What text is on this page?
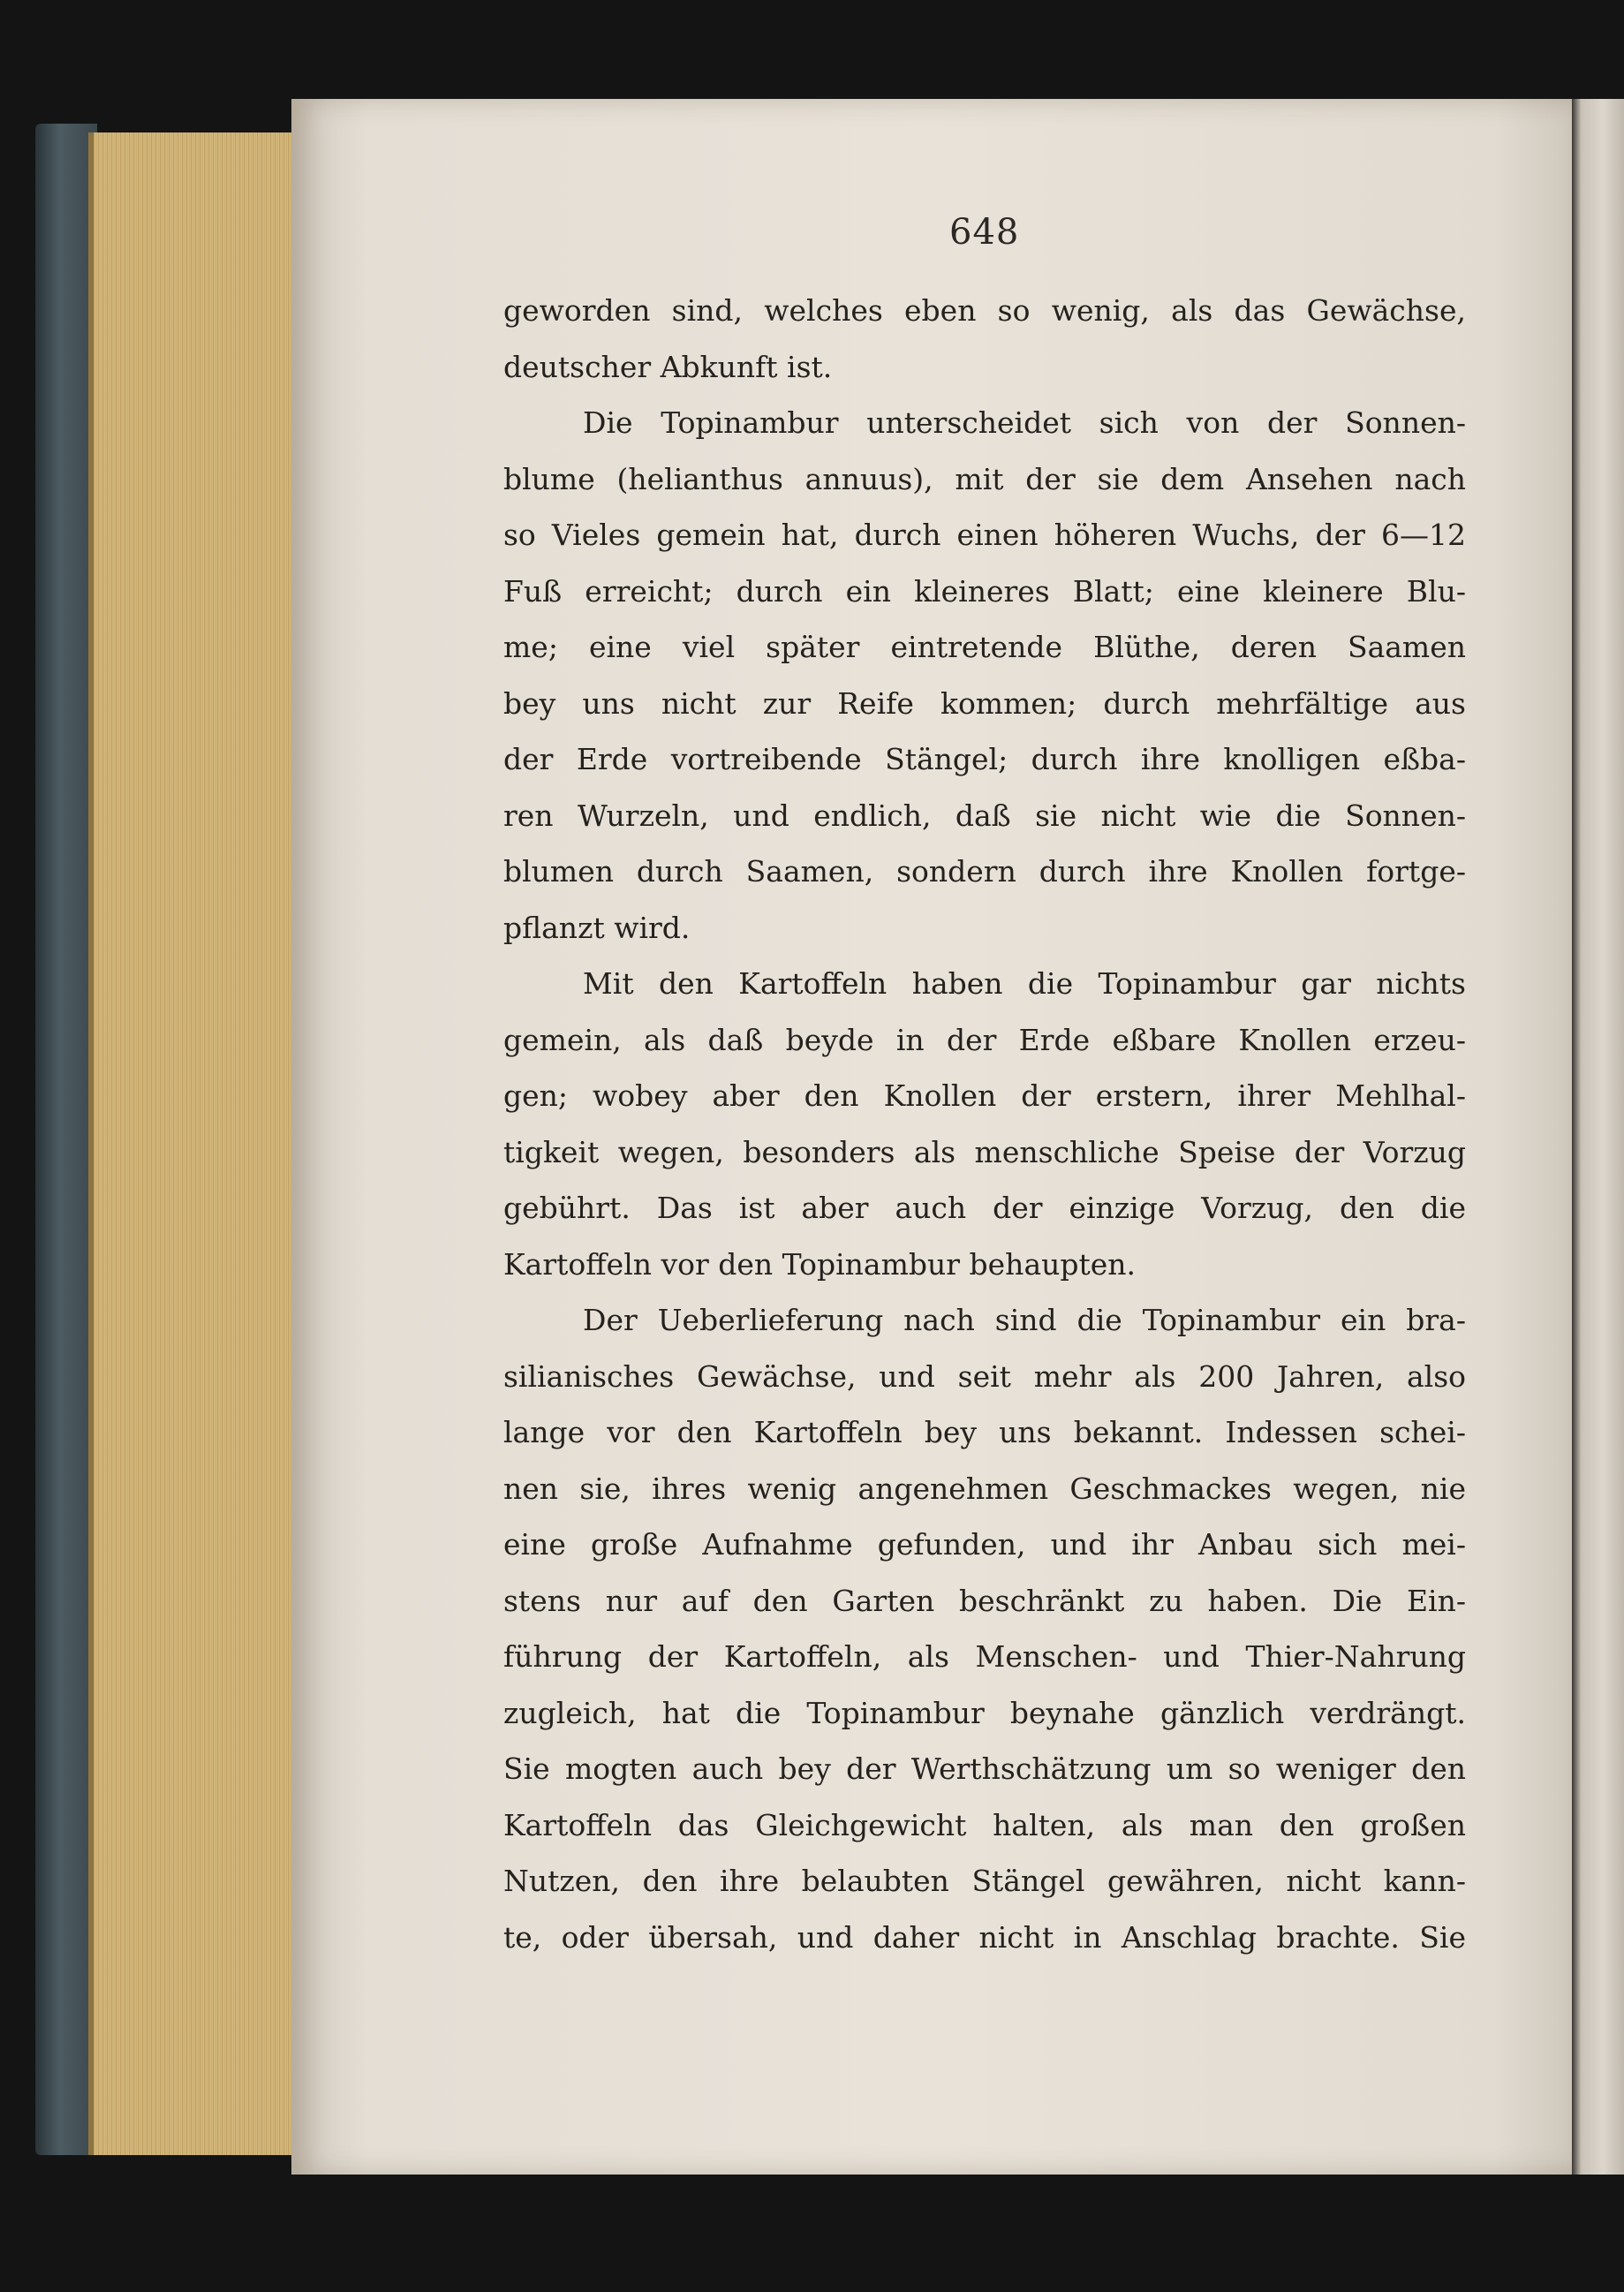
648
geworden sind, welches eben so wenig, als das Gewächse,
deutscher Abkunft ist.
Die Topinambur unterscheidet sich von der Sonnen-
blume (helianthus annuus), mit der sie dem Ansehen nach
so Vieles gemein hat, durch einen höheren Wuchs, der 6—12
Fuß erreicht; durch ein kleineres Blatt; eine kleinere Blu-
me; eine viel später eintretende Blüthe, deren Saamen
bey uns nicht zur Reife kommen; durch mehrfältige aus
der Erde vortreibende Stängel; durch ihre knolligen eßba-
ren Wurzeln, und endlich, daß sie nicht wie die Sonnen-
blumen durch Saamen, sondern durch ihre Knollen fortge-
pflanzt wird.
Mit den Kartoffeln haben die Topinambur gar nichts
gemein, als daß beyde in der Erde eßbare Knollen erzeu-
gen; wobey aber den Knollen der erstern, ihrer Mehlhal-
tigkeit wegen, besonders als menschliche Speise der Vorzug
gebührt. Das ist aber auch der einzige Vorzug, den die
Kartoffeln vor den Topinambur behaupten.
Der Ueberlieferung nach sind die Topinambur ein bra-
silianisches Gewächse, und seit mehr als 200 Jahren, also
lange vor den Kartoffeln bey uns bekannt. Indessen schei-
nen sie, ihres wenig angenehmen Geschmackes wegen, nie
eine große Aufnahme gefunden, und ihr Anbau sich mei-
stens nur auf den Garten beschränkt zu haben. Die Ein-
führung der Kartoffeln, als Menschen- und Thier-Nahrung
zugleich, hat die Topinambur beynahe gänzlich verdrängt.
Sie mogten auch bey der Werthschätzung um so weniger den
Kartoffeln das Gleichgewicht halten, als man den großen
Nutzen, den ihre belaubten Stängel gewähren, nicht kann-
te, oder übersah, und daher nicht in Anschlag brachte. Sie
